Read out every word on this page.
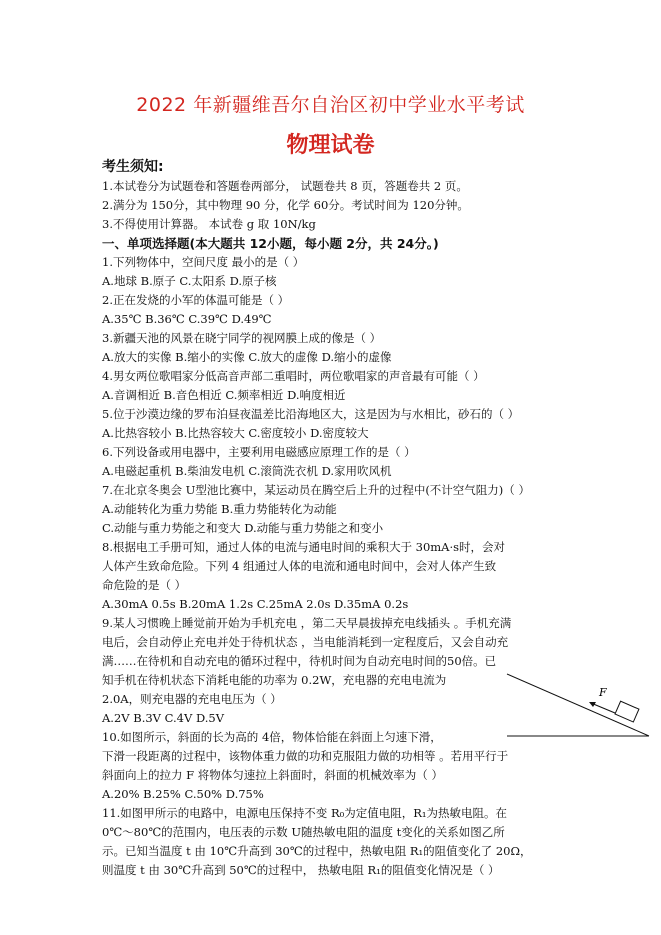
2022 年新疆维吾尔自治区初中学业水平考试
物理试卷
考生须知:
1.本试卷分为试题卷和答题卷两部分， 试题卷共 8 页，答题卷共 2 页。
2.满分为 150分，其中物理 90 分，化学 60分。考试时间为 120分钟。
3.不得使用计算器。 本试卷 g 取 10N/kg
一、单项选择题(本大题共 12小题，每小题 2分，共 24分。)
1.下列物体中，空间尺度 最小的是（ ）
A.地球 B.原子 C.太阳系 D.原子核
2.正在发烧的小军的体温可能是（ ）
A.35℃ B.36℃ C.39℃ D.49℃
3.新疆天池的风景在晓宁同学的视网膜上成的像是（ ）
A.放大的实像 B.缩小的实像 C.放大的虚像 D.缩小的虚像
4.男女两位歌唱家分低高音声部二重唱时，两位歌唱家的声音最有可能（ ）
A.音调相近 B.音色相近 C.频率相近 D.响度相近
5.位于沙漠边缘的罗布泊昼夜温差比沿海地区大，这是因为与水相比，砂石的（ ）
A.比热容较小 B.比热容较大 C.密度较小 D.密度较大
6.下列设备或用电器中，主要利用电磁感应原理工作的是（ ）
A.电磁起重机 B.柴油发电机 C.滚筒洗衣机 D.家用吹风机
7.在北京冬奥会 U型池比赛中，某运动员在腾空后上升的过程中(不计空气阻力)（ ）
A.动能转化为重力势能 B.重力势能转化为动能
C.动能与重力势能之和变大 D.动能与重力势能之和变小
8.根据电工手册可知，通过人体的电流与通电时间的乘积大于 30mA·s时，会对
人体产生致命危险。下列 4 组通过人体的电流和通电时间中，会对人体产生致
命危险的是（ ）
A.30mA 0.5s B.20mA 1.2s C.25mA 2.0s D.35mA 0.2s
9.某人习惯晚上睡觉前开始为手机充电 ，第二天早晨拔掉充电线插头 。手机充满
电后，会自动停止充电并处于待机状态 ，当电能消耗到一定程度后，又会自动充
满……在待机和自动充电的循环过程中，待机时间为自动充电时间的50倍。已
知手机在待机状态下消耗电能的功率为 0.2W，充电器的充电电流为
2.0A，则充电器的充电电压为（ ）
A.2V B.3V C.4V D.5V
10.如图所示，斜面的长为高的 4倍，物体恰能在斜面上匀速下滑，
下滑一段距离的过程中，该物体重力做的功和克服阻力做的功相等 。若用平行于
斜面向上的拉力 F 将物体匀速拉上斜面时，斜面的机械效率为（ ）
A.20% B.25% C.50% D.75%
11.如图甲所示的电路中，电源电压保持不变 R₀为定值电阻，R₁为热敏电阻。在
0℃～80℃的范围内，电压表的示数 U随热敏电阻的温度 t变化的关系如图乙所
示。已知当温度 t 由 10℃升高到 30℃的过程中，热敏电阻 R₁的阻值变化了 20Ω，
则温度 t 由 30℃升高到 50℃的过程中， 热敏电阻 R₁的阻值变化情况是（ ）
F
